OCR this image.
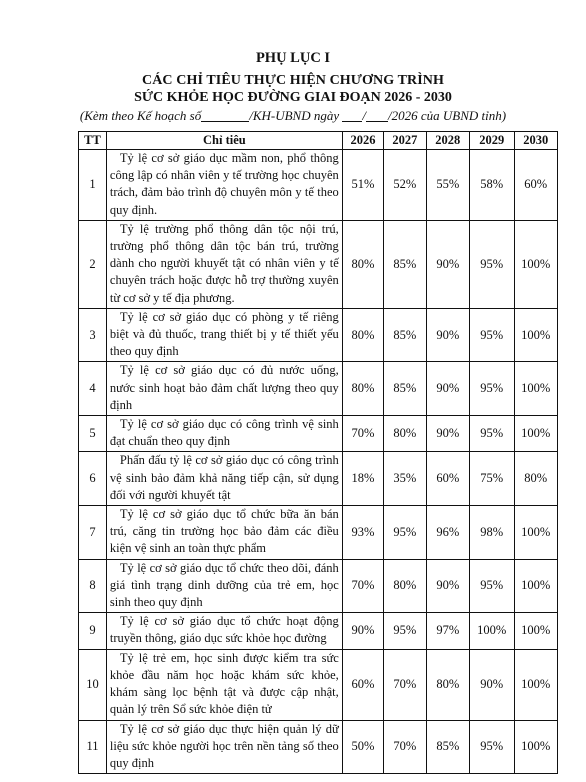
PHỤ LỤC I
CÁC CHỈ TIÊU THỰC HIỆN CHƯƠNG TRÌNH
SỨC KHỎE HỌC ĐƯỜNG GIAI ĐOẠN 2026 - 2030
(Kèm theo Kế hoạch số	/KH-UBND ngày / /2026 của UBND tỉnh)
TT	Chỉ tiêu	2026	2027	2028	2029	2030
1	Tỷ lệ cơ sở giáo dục mầm non, phổ thông công lập có nhân viên y tế trường học chuyên trách, đảm bảo trình độ chuyên môn y tế theo quy định.	51%	52%	55%	58%	60%
2	Tỷ lệ trường phổ thông dân tộc nội trú, trường phổ thông dân tộc bán trú, trường dành cho người khuyết tật có nhân viên y tế chuyên trách hoặc được hỗ trợ thường xuyên từ cơ sở y tế địa phương.	80%	85%	90%	95%	100%
3	Tỷ lệ cơ sở giáo dục có phòng y tế riêng biệt và đủ thuốc, trang thiết bị y tế thiết yếu theo quy định	80%	85%	90%	95%	100%
4	Tỷ lệ cơ sở giáo dục có đủ nước uống, nước sinh hoạt bảo đảm chất lượng theo quy định	80%	85%	90%	95%	100%
5	Tỷ lệ cơ sở giáo dục có công trình vệ sinh đạt chuẩn theo quy định	70%	80%	90%	95%	100%
6	Phấn đấu tỷ lệ cơ sở giáo dục có công trình vệ sinh bảo đảm khả năng tiếp cận, sử dụng đối với người khuyết tật	18%	35%	60%	75%	80%
7	Tỷ lệ cơ sở giáo dục tổ chức bữa ăn bán trú, căng tin trường học bảo đảm các điều kiện vệ sinh an toàn thực phẩm	93%	95%	96%	98%	100%
8	Tỷ lệ cơ sở giáo dục tổ chức theo dõi, đánh giá tình trạng dinh dưỡng của trẻ em, học sinh theo quy định	70%	80%	90%	95%	100%
9	Tỷ lệ cơ sở giáo dục tổ chức hoạt động truyền thông, giáo dục sức khỏe học đường	90%	95%	97%	100%	100%
10	Tỷ lệ trẻ em, học sinh được kiểm tra sức khỏe đầu năm học hoặc khám sức khỏe, khám sàng lọc bệnh tật và được cập nhật, quản lý trên Sổ sức khỏe điện tử	60%	70%	80%	90%	100%
11	Tỷ lệ cơ sở giáo dục thực hiện quản lý dữ liệu sức khỏe người học trên nền tảng số theo quy định	50%	70%	85%	95%	100%
